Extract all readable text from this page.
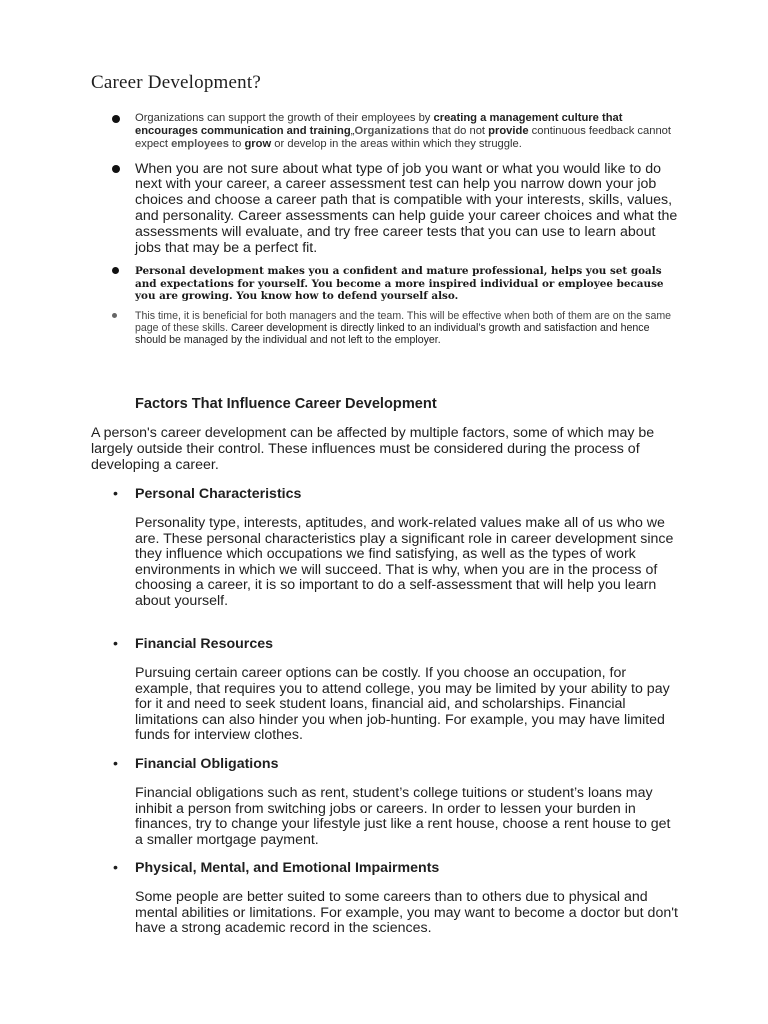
Career Development?
Organizations can support the growth of their employees by creating a management culture that encourages communication and training„Organizations that do not provide continuous feedback cannot expect employees to grow or develop in the areas within which they struggle.
When you are not sure about what type of job you want or what you would like to do next with your career, a career assessment test can help you narrow down your job choices and choose a career path that is compatible with your interests, skills, values, and personality. Career assessments can help guide your career choices and what the assessments will evaluate, and try free career tests that you can use to learn about jobs that may be a perfect fit.
Personal development makes you a confident and mature professional, helps you set goals and expectations for yourself. You become a more inspired individual or employee because you are growing. You know how to defend yourself also.
This time, it is beneficial for both managers and the team. This will be effective when both of them are on the same page of these skills. Career development is directly linked to an individual’s growth and satisfaction and hence should be managed by the individual and not left to the employer.
Factors That Influence Career Development

A person's career development can be affected by multiple factors, some of which may be largely outside their control. These influences must be considered during the process of developing a career.

• Personal Characteristics

Personality type, interests, aptitudes, and work-related values make all of us who we are. These personal characteristics play a significant role in career development since they influence which occupations we find satisfying, as well as the types of work environments in which we will succeed. That is why, when you are in the process of choosing a career, it is so important to do a self-assessment that will help you learn about yourself.

• Financial Resources

Pursuing certain career options can be costly. If you choose an occupation, for example, that requires you to attend college, you may be limited by your ability to pay for it and need to seek student loans, financial aid, and scholarships. Financial limitations can also hinder you when job-hunting. For example, you may have limited funds for interview clothes.

• Financial Obligations

Financial obligations such as rent, student’s college tuitions or student’s loans may inhibit a person from switching jobs or careers. In order to lessen your burden in finances, try to change your lifestyle just like a rent house, choose a rent house to get a smaller mortgage payment.

• Physical, Mental, and Emotional Impairments

Some people are better suited to some careers than to others due to physical and mental abilities or limitations. For example, you may want to become a doctor but don't have a strong academic record in the sciences.
